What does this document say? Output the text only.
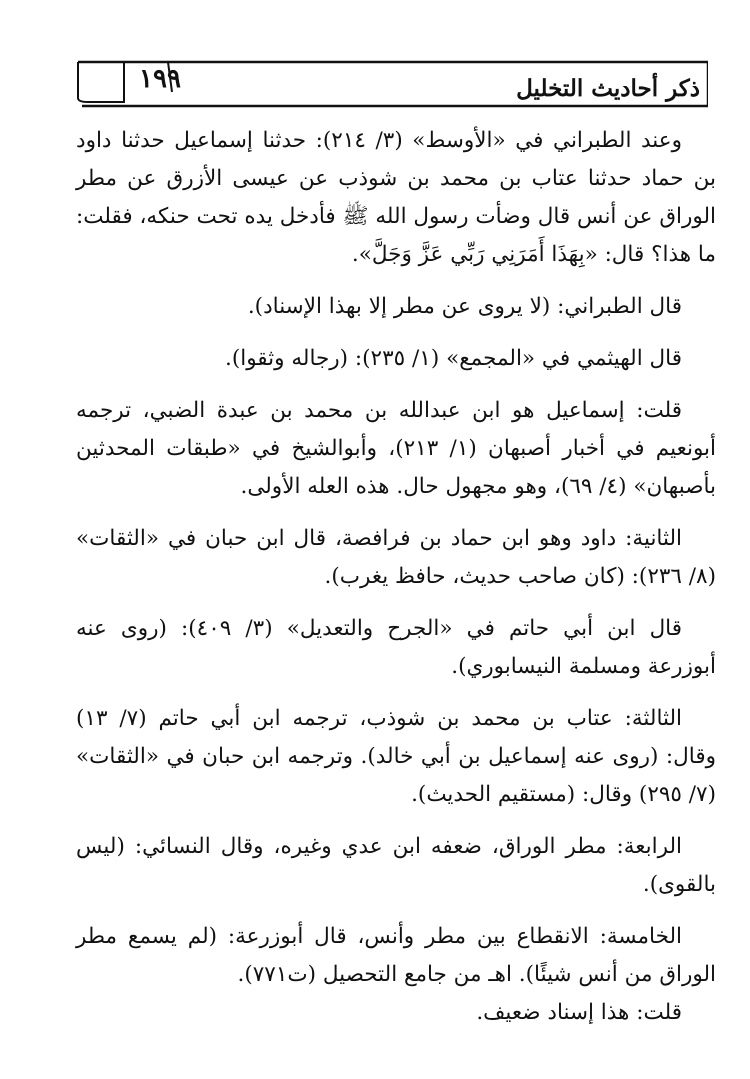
١٩٩	ذكر أحاديث التخليل

وعند الطبراني في «الأوسط» (٣/ ٢١٤): حدثنا إسماعيل حدثنا داود بن حماد حدثنا عتاب بن محمد بن شوذب عن عيسى الأزرق عن مطر الوراق عن أنس قال وضأت رسول الله ﷺ فأدخل يده تحت حنكه، فقلت: ما هذا؟ قال: «بِهَذَا أَمَرَنِي رَبِّي عَزَّ وَجَلَّ».

قال الطبراني: (لا يروى عن مطر إلا بهذا الإسناد).

قال الهيثمي في «المجمع» (١/ ٢٣٥): (رجاله وثقوا).

قلت: إسماعيل هو ابن عبدالله بن محمد بن عبدة الضبي، ترجمه أبونعيم في أخبار أصبهان (١/ ٢١٣)، وأبوالشيخ في «طبقات المحدثين بأصبهان» (٤/ ٦٩)، وهو مجهول حال. هذه العله الأولى.

الثانية: داود وهو ابن حماد بن فرافصة، قال ابن حبان في «الثقات» (٨/ ٢٣٦): (كان صاحب حديث، حافظ يغرب).

قال ابن أبي حاتم في «الجرح والتعديل» (٣/ ٤٠٩): (روى عنه أبوزرعة ومسلمة النيسابوري).

الثالثة: عتاب بن محمد بن شوذب، ترجمه ابن أبي حاتم (٧/ ١٣) وقال: (روى عنه إسماعيل بن أبي خالد). وترجمه ابن حبان في «الثقات» (٧/ ٢٩٥) وقال: (مستقيم الحديث).

الرابعة: مطر الوراق، ضعفه ابن عدي وغيره، وقال النسائي: (ليس بالقوى).

الخامسة: الانقطاع بين مطر وأنس، قال أبوزرعة: (لم يسمع مطر الوراق من أنس شيئًا). اهـ من جامع التحصيل (ت٧٧١).

قلت: هذا إسناد ضعيف.
